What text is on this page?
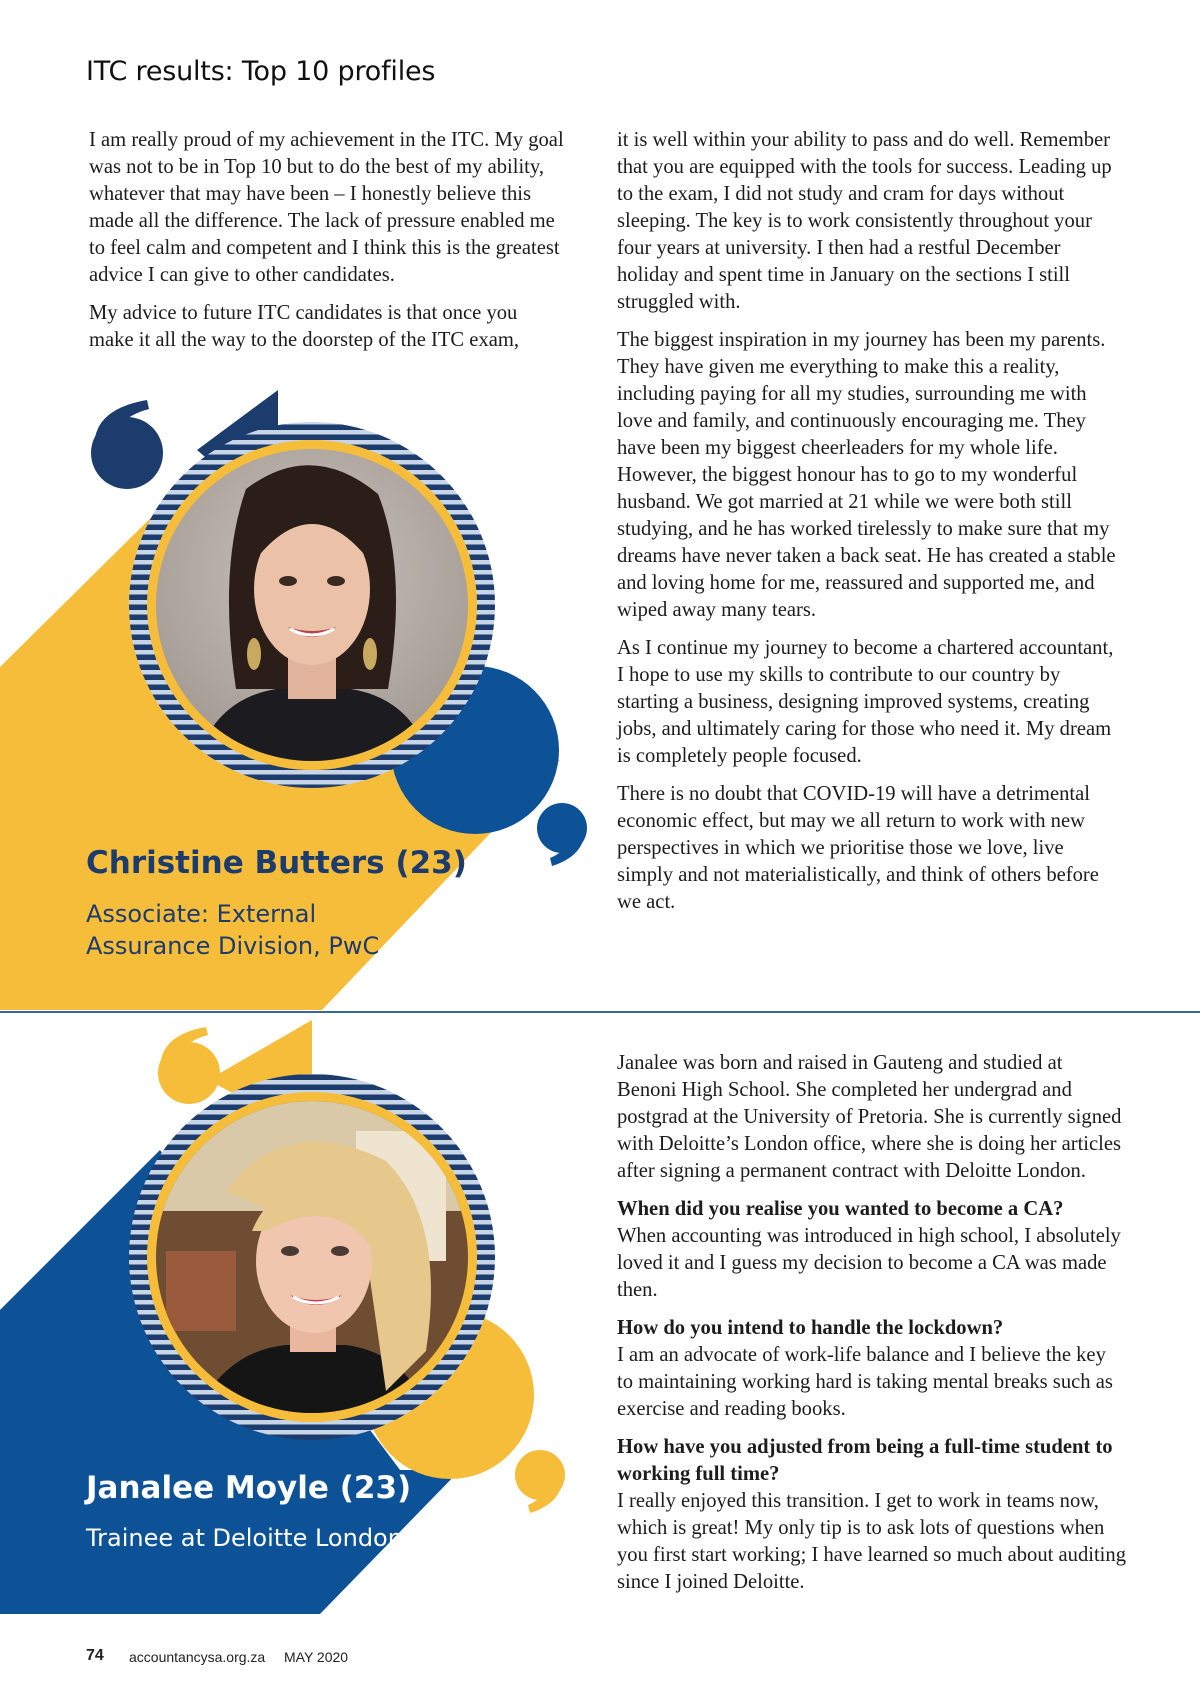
ITC results: Top 10 profiles

I am really proud of my achievement in the ITC. My goal was not to be in Top 10 but to do the best of my ability, whatever that may have been – I honestly believe this made all the difference. The lack of pressure enabled me to feel calm and competent and I think this is the greatest advice I can give to other candidates.

My advice to future ITC candidates is that once you make it all the way to the doorstep of the ITC exam,

it is well within your ability to pass and do well. Remember that you are equipped with the tools for success. Leading up to the exam, I did not study and cram for days without sleeping. The key is to work consistently throughout your four years at university. I then had a restful December holiday and spent time in January on the sections I still struggled with.

The biggest inspiration in my journey has been my parents. They have given me everything to make this a reality, including paying for all my studies, surrounding me with love and family, and continuously encouraging me. They have been my biggest cheerleaders for my whole life. However, the biggest honour has to go to my wonderful husband. We got married at 21 while we were both still studying, and he has worked tirelessly to make sure that my dreams have never taken a back seat. He has created a stable and loving home for me, reassured and supported me, and wiped away many tears.

As I continue my journey to become a chartered accountant, I hope to use my skills to contribute to our country by starting a business, designing improved systems, creating jobs, and ultimately caring for those who need it. My dream is completely people focused.

There is no doubt that COVID-19 will have a detrimental economic effect, but may we all return to work with new perspectives in which we prioritise those we love, live simply and not materialistically, and think of others before we act.

Christine Butters (23)
Associate: External
Assurance Division, PwC

Janalee was born and raised in Gauteng and studied at Benoni High School. She completed her undergrad and postgrad at the University of Pretoria. She is currently signed with Deloitte’s London office, where she is doing her articles after signing a permanent contract with Deloitte London.

When did you realise you wanted to become a CA?

When accounting was introduced in high school, I absolutely loved it and I guess my decision to become a CA was made then.

How do you intend to handle the lockdown?

I am an advocate of work-life balance and I believe the key to maintaining working hard is taking mental breaks such as exercise and reading books.

How have you adjusted from being a full-time student to working full time?

I really enjoyed this transition. I get to work in teams now, which is great! My only tip is to ask lots of questions when you first start working; I have learned so much about auditing since I joined Deloitte.

Janalee Moyle (23)
Trainee at Deloitte London
74 accountancysa.org.za MAY 2020
